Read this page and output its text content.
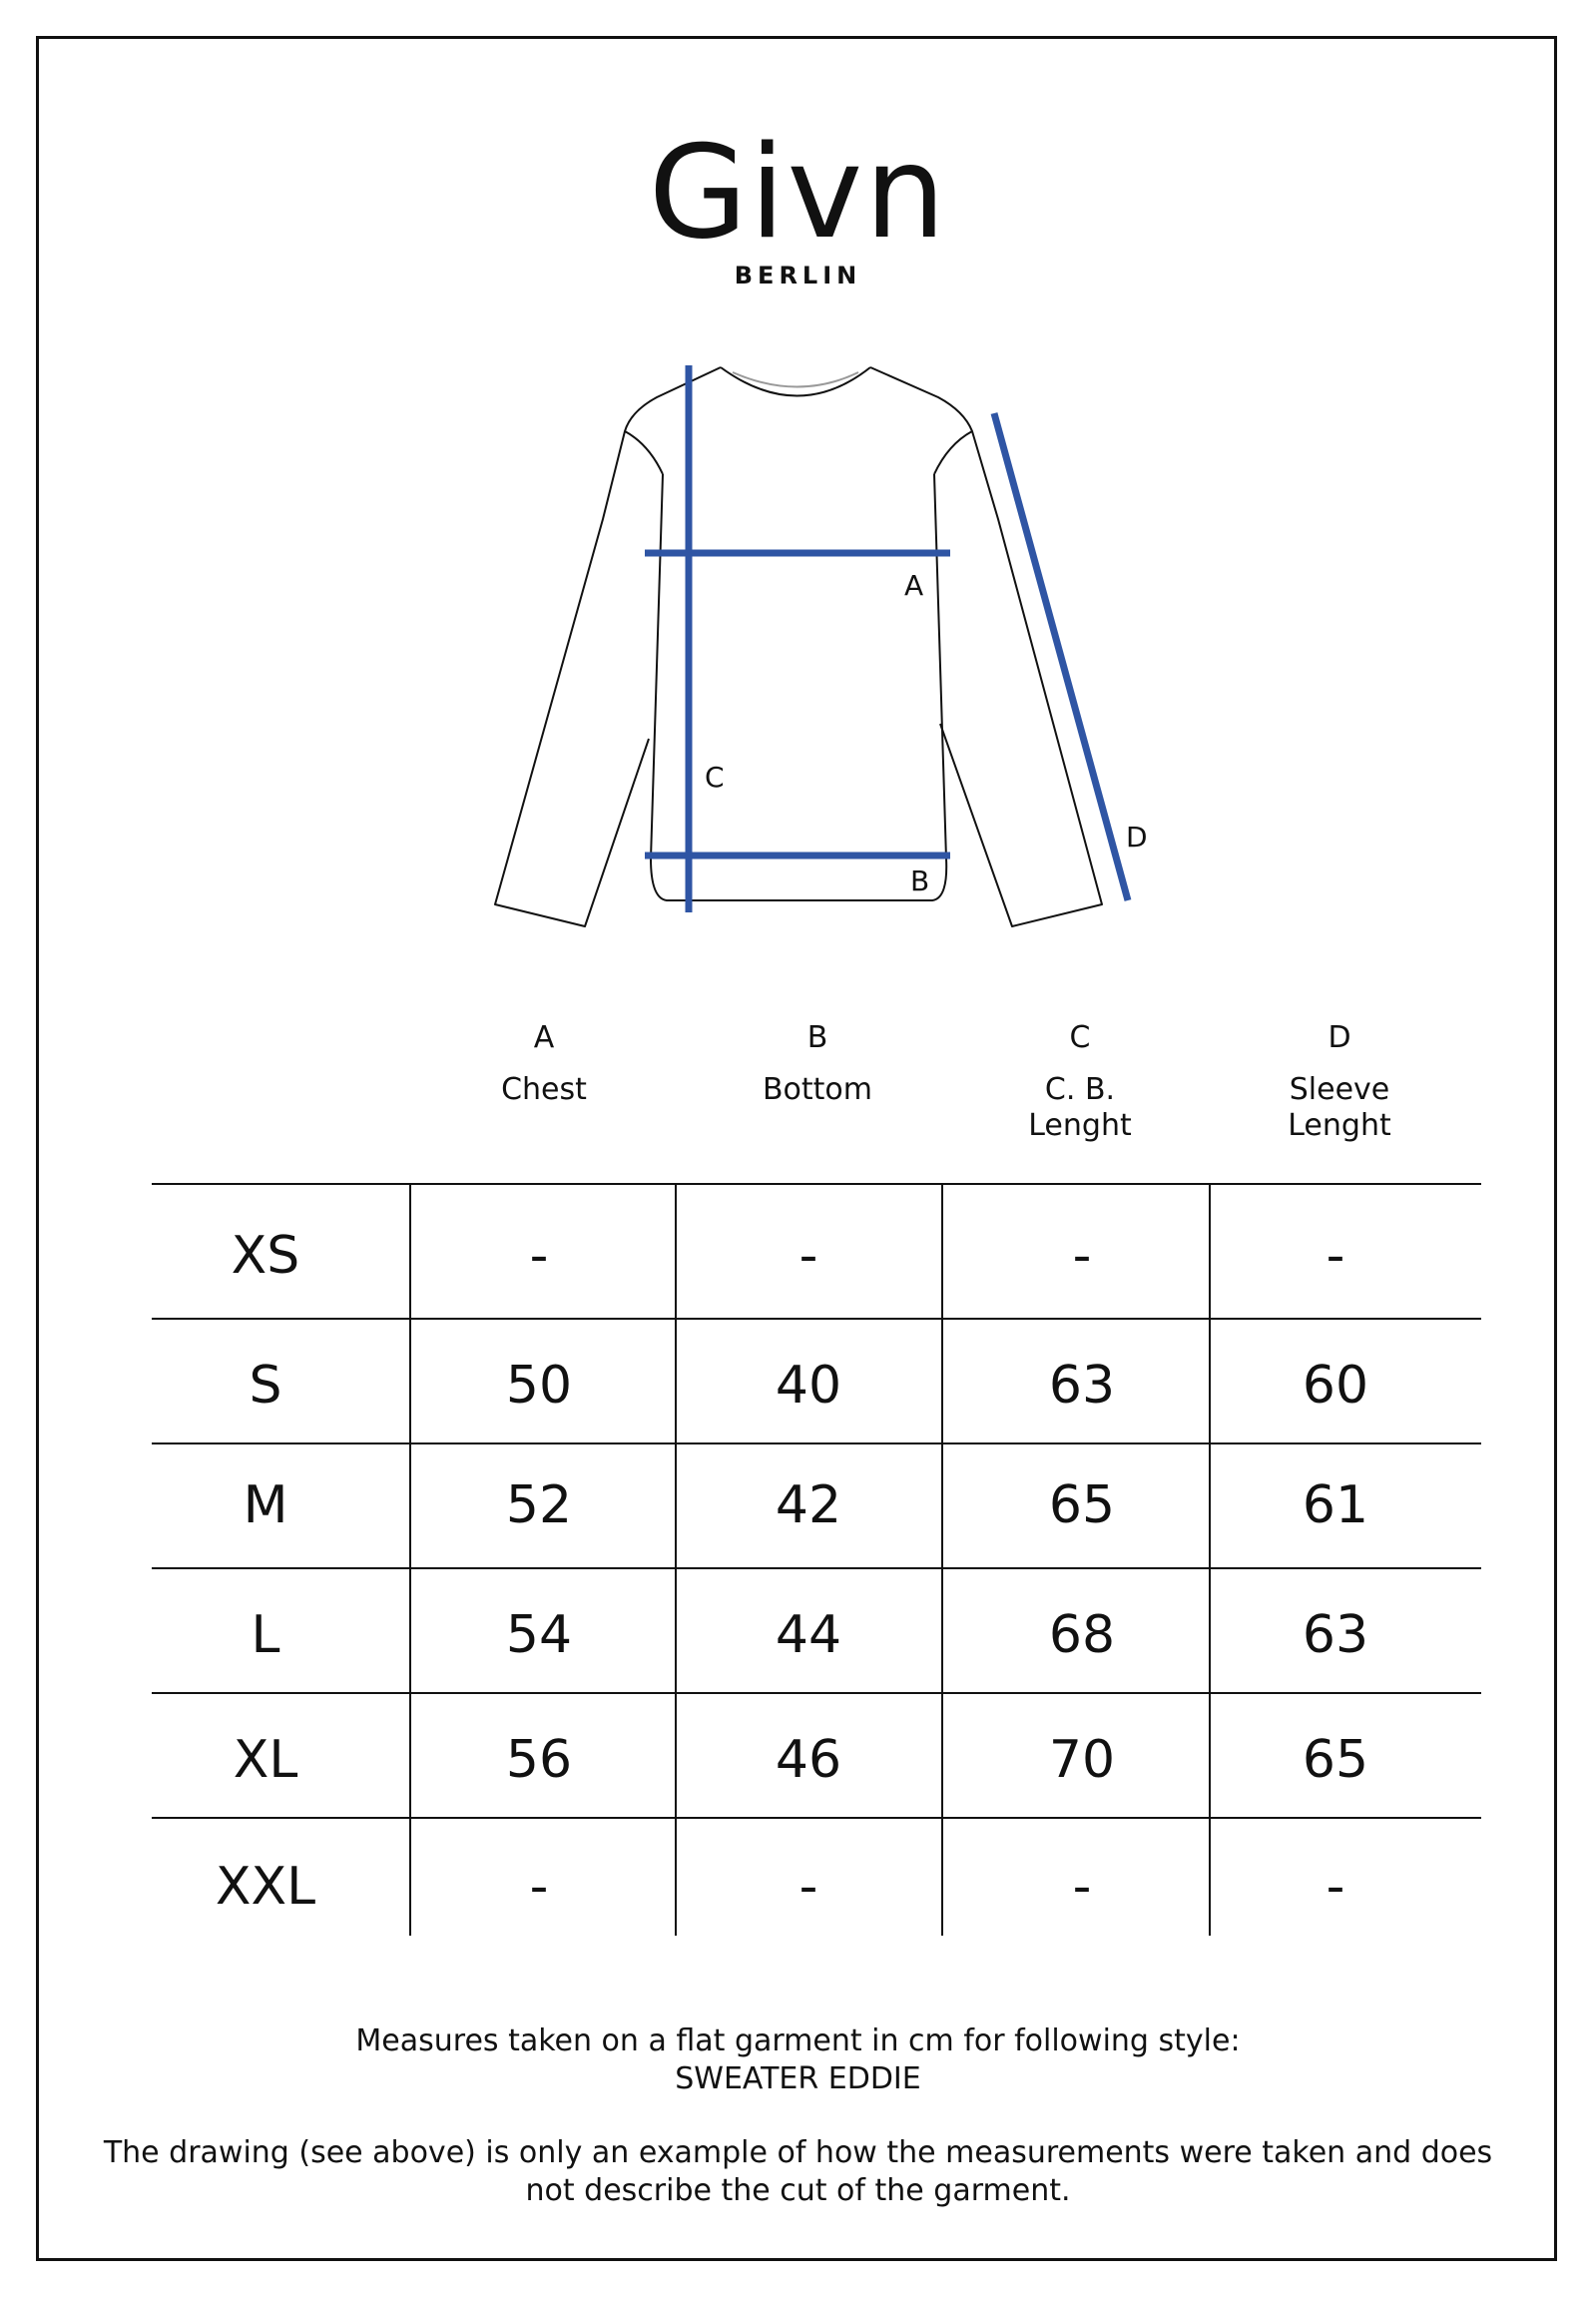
Givn
BERLIN
A
B
C
D
A
Chest
B
Bottom
C
C. B.
Lenght
D
Sleeve
Lenght
XS	-	-	-	-
S	50	40	63	60
M	52	42	65	61
L	54	44	68	63
XL	56	46	70	65
XXL	-	-	-	-
Measures taken on a flat garment in cm for following style:
SWEATER EDDIE
The drawing (see above) is only an example of how the measurements were taken and does
not describe the cut of the garment.
